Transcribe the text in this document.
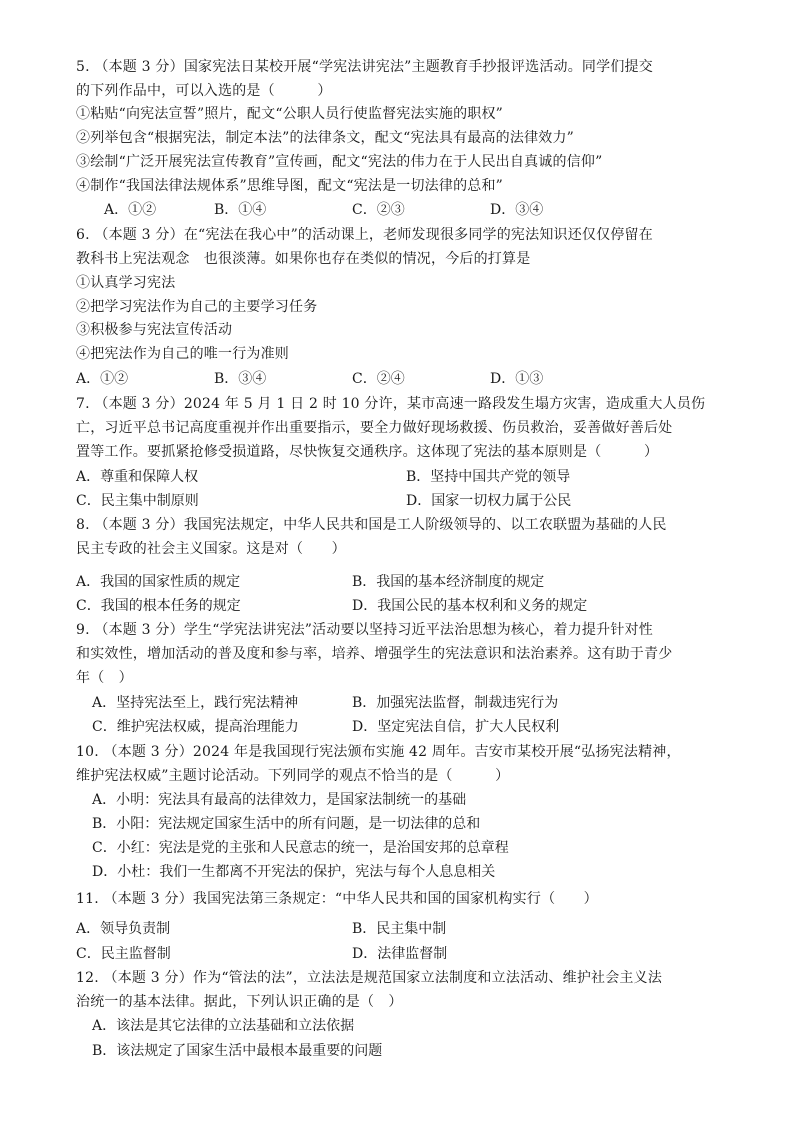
5. （本题 3 分）国家宪法日某校开展“学宪法讲宪法”主题教育手抄报评选活动。同学们提交
的下列作品中，可以入选的是（　　　）
①粘贴“向宪法宣誓”照片，配文“公职人员行使监督宪法实施的职权”
②列举包含“根据宪法，制定本法”的法律条文，配文“宪法具有最高的法律效力”
③绘制“广泛开展宪法宣传教育”宣传画，配文“宪法的伟力在于人民出自真诚的信仰”
④制作“我国法律法规体系”思维导图，配文“宪法是一切法律的总和”
A．①②	B．①④	C．②③	D．③④
6. （本题 3 分）在“宪法在我心中”的活动课上，老师发现很多同学的宪法知识还仅仅停留在
教科书上宪法观念　也很淡薄。如果你也存在类似的情况，今后的打算是
①认真学习宪法
②把学习宪法作为自己的主要学习任务
③积极参与宪法宣传活动
④把宪法作为自己的唯一行为准则
A．①②	B．③④	C．②④	D．①③
7. （本题 3 分）2024 年 5 月 1 日 2 时 10 分许，某市高速一路段发生塌方灾害，造成重大人员伤
亡，习近平总书记高度重视并作出重要指示，要全力做好现场救援、伤员救治，妥善做好善后处
置等工作。要抓紧抢修受损道路，尽快恢复交通秩序。这体现了宪法的基本原则是（　　　）
A．尊重和保障人权	B．坚持中国共产党的领导
C．民主集中制原则	D．国家一切权力属于公民
8. （本题 3 分）我国宪法规定，中华人民共和国是工人阶级领导的、以工农联盟为基础的人民
民主专政的社会主义国家。这是对（　　）
A．我国的国家性质的规定	B．我国的基本经济制度的规定
C．我国的根本任务的规定	D．我国公民的基本权利和义务的规定
9. （本题 3 分）学生“学宪法讲宪法”活动要以坚持习近平法治思想为核心，着力提升针对性
和实效性，增加活动的普及度和参与率，培养、增强学生的宪法意识和法治素养。这有助于青少
年（　）
A．坚持宪法至上，践行宪法精神	B．加强宪法监督，制裁违宪行为
C．维护宪法权威，提高治理能力	D．坚定宪法自信，扩大人民权利
10. （本题 3 分）2024 年是我国现行宪法颁布实施 42 周年。吉安市某校开展“弘扬宪法精神，
维护宪法权威”主题讨论活动。下列同学的观点不恰当的是（　　　）
A．小明：宪法具有最高的法律效力，是国家法制统一的基础
B．小阳：宪法规定国家生活中的所有问题，是一切法律的总和
C．小红：宪法是党的主张和人民意志的统一，是治国安邦的总章程
D．小杜：我们一生都离不开宪法的保护，宪法与每个人息息相关
11. （本题 3 分）我国宪法第三条规定：“中华人民共和国的国家机构实行（　　）
A．领导负责制	B．民主集中制
C．民主监督制	D．法律监督制
12. （本题 3 分）作为“管法的法”，立法法是规范国家立法制度和立法活动、维护社会主义法
治统一的基本法律。据此，下列认识正确的是（　）
A．该法是其它法律的立法基础和立法依据
B．该法规定了国家生活中最根本最重要的问题
